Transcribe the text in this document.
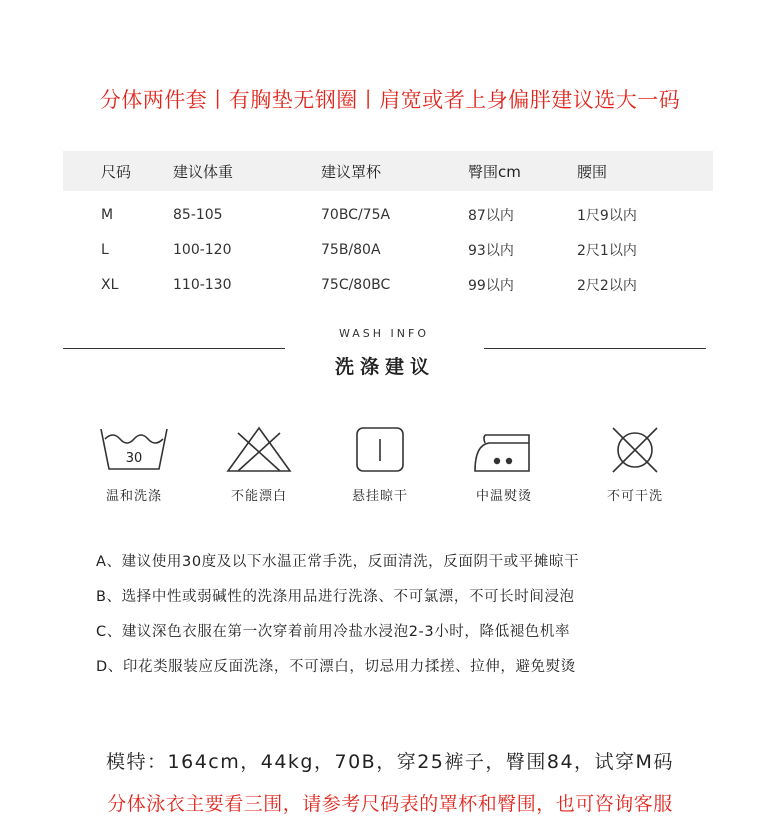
分体两件套丨有胸垫无钢圈丨肩宽或者上身偏胖建议选大一码
尺码	建议体重	建议罩杯	臀围cm	腰围
M	85-105	70BC/75A	87以内	1尺9以内
L	100-120	75B/80A	93以内	2尺1以内
XL	110-130	75C/80BC	99以内	2尺2以内
WASH INFO
洗涤建议
30
温和洗涤	不能漂白	悬挂晾干	中温熨烫	不可干洗
A、建议使用30度及以下水温正常手洗，反面清洗，反面阴干或平摊晾干
B、选择中性或弱碱性的洗涤用品进行洗涤、不可氯漂，不可长时间浸泡
C、建议深色衣服在第一次穿着前用冷盐水浸泡2-3小时，降低褪色机率
D、印花类服装应反面洗涤，不可漂白，切忌用力揉搓、拉伸，避免熨烫
模特：164cm，44kg，70B，穿25裤子，臀围84，试穿M码
分体泳衣主要看三围，请参考尺码表的罩杯和臀围，也可咨询客服
